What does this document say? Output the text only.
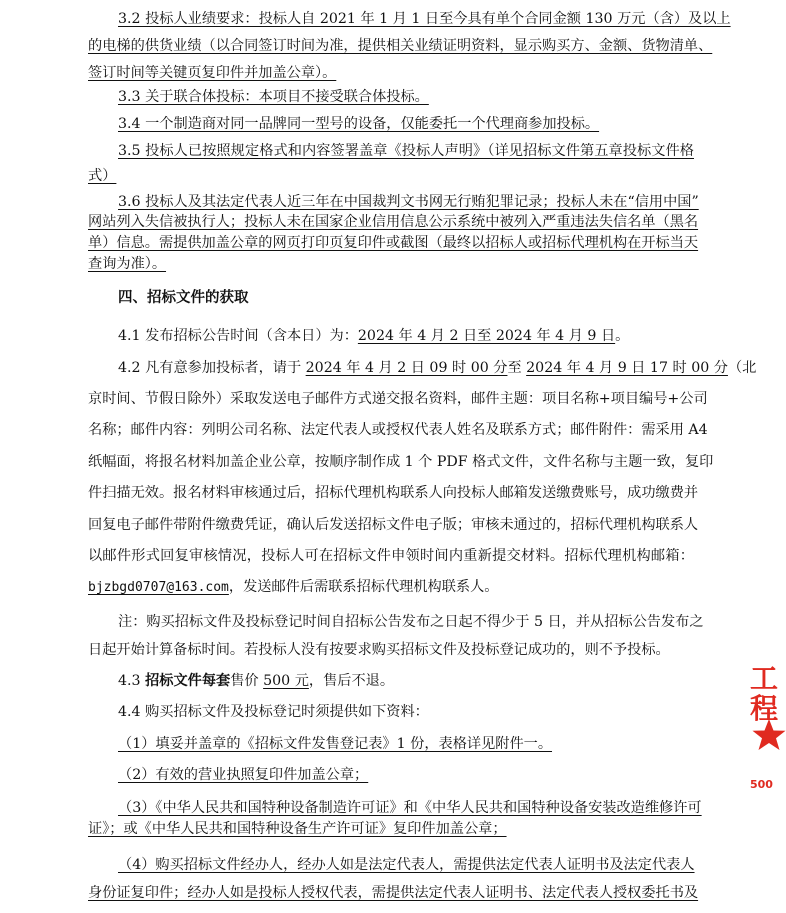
3.2 投标人业绩要求：投标人自 2021 年 1 月 1 日至今具有单个合同金额 130 万元（含）及以上
的电梯的供货业绩（以合同签订时间为准，提供相关业绩证明资料，显示购买方、金额、货物清单、
签订时间等关键页复印件并加盖公章）。
3.3 关于联合体投标：本项目不接受联合体投标。
3.4 一个制造商对同一品牌同一型号的设备，仅能委托一个代理商参加投标。
3.5 投标人已按照规定格式和内容签署盖章《投标人声明》（详见招标文件第五章投标文件格
式）
3.6 投标人及其法定代表人近三年在中国裁判文书网无行贿犯罪记录；投标人未在“信用中国”
网站列入失信被执行人；投标人未在国家企业信用信息公示系统中被列入严重违法失信名单（黑名
单）信息。需提供加盖公章的网页打印页复印件或截图（最终以招标人或招标代理机构在开标当天
查询为准）。
四、招标文件的获取
4.1 发布招标公告时间（含本日）为：2024 年 4 月 2 日至 2024 年 4 月 9 日。
4.2 凡有意参加投标者，请于 2024 年 4 月 2 日 09 时 00 分至 2024 年 4 月 9 日 17 时 00 分（北
京时间、节假日除外）采取发送电子邮件方式递交报名资料，邮件主题：项目名称+项目编号+公司
名称；邮件内容：列明公司名称、法定代表人或授权代表人姓名及联系方式；邮件附件：需采用 A4
纸幅面，将报名材料加盖企业公章，按顺序制作成 1 个 PDF 格式文件，文件名称与主题一致，复印
件扫描无效。报名材料审核通过后，招标代理机构联系人向投标人邮箱发送缴费账号，成功缴费并
回复电子邮件带附件缴费凭证，确认后发送招标文件电子版；审核未通过的，招标代理机构联系人
以邮件形式回复审核情况，投标人可在招标文件申领时间内重新提交材料。招标代理机构邮箱：
bjzbgd0707@163.com，发送邮件后需联系招标代理机构联系人。
注：购买招标文件及投标登记时间自招标公告发布之日起不得少于 5 日，并从招标公告发布之
日起开始计算备标时间。若投标人没有按要求购买招标文件及投标登记成功的，则不予投标。
4.3 招标文件每套售价 500 元，售后不退。
4.4 购买招标文件及投标登记时须提供如下资料：
（1）填妥并盖章的《招标文件发售登记表》1 份，表格详见附件一。
（2）有效的营业执照复印件加盖公章；
（3）《中华人民共和国特种设备制造许可证》和《中华人民共和国特种设备安装改造维修许可
证》；或《中华人民共和国特种设备生产许可证》复印件加盖公章；
（4）购买招标文件经办人，经办人如是法定代表人，需提供法定代表人证明书及法定代表人
身份证复印件；经办人如是投标人授权代表，需提供法定代表人证明书、法定代表人授权委托书及
工程
500
